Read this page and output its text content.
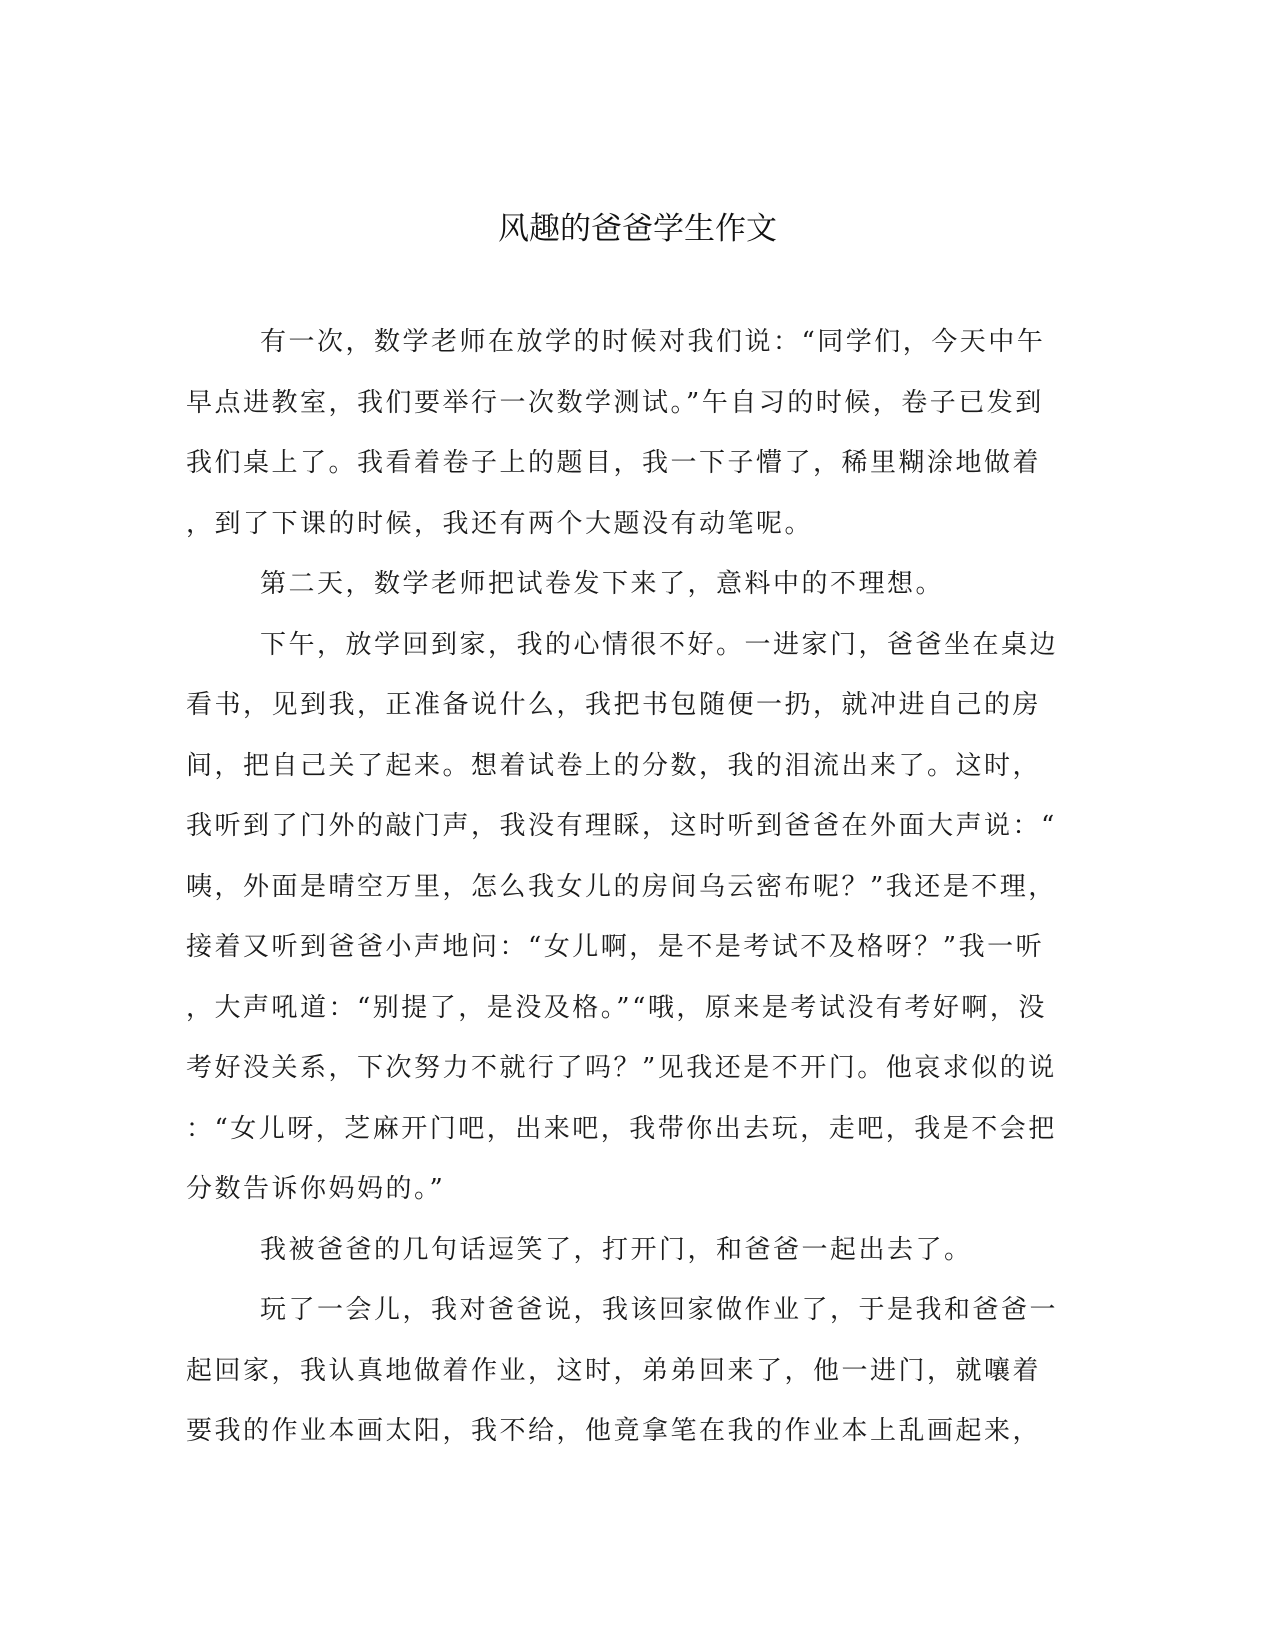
风趣的爸爸学生作文
有一次，数学老师在放学的时候对我们说：“同学们，今天中午
早点进教室，我们要举行一次数学测试。”午自习的时候，卷子已发到
我们桌上了。我看着卷子上的题目，我一下子懵了，稀里糊涂地做着
，到了下课的时候，我还有两个大题没有动笔呢。
第二天，数学老师把试卷发下来了，意料中的不理想。
下午，放学回到家，我的心情很不好。一进家门，爸爸坐在桌边
看书，见到我，正准备说什么，我把书包随便一扔，就冲进自己的房
间，把自己关了起来。想着试卷上的分数，我的泪流出来了。这时，
我听到了门外的敲门声，我没有理睬，这时听到爸爸在外面大声说：“
咦，外面是晴空万里，怎么我女儿的房间乌云密布呢？”我还是不理，
接着又听到爸爸小声地问：“女儿啊，是不是考试不及格呀？”我一听
，大声吼道：“别提了，是没及格。”“哦，原来是考试没有考好啊，没
考好没关系，下次努力不就行了吗？”见我还是不开门。他哀求似的说
：“女儿呀，芝麻开门吧，出来吧，我带你出去玩，走吧，我是不会把
分数告诉你妈妈的。”
我被爸爸的几句话逗笑了，打开门，和爸爸一起出去了。
玩了一会儿，我对爸爸说，我该回家做作业了，于是我和爸爸一
起回家，我认真地做着作业，这时，弟弟回来了，他一进门，就嚷着
要我的作业本画太阳，我不给，他竟拿笔在我的作业本上乱画起来，
